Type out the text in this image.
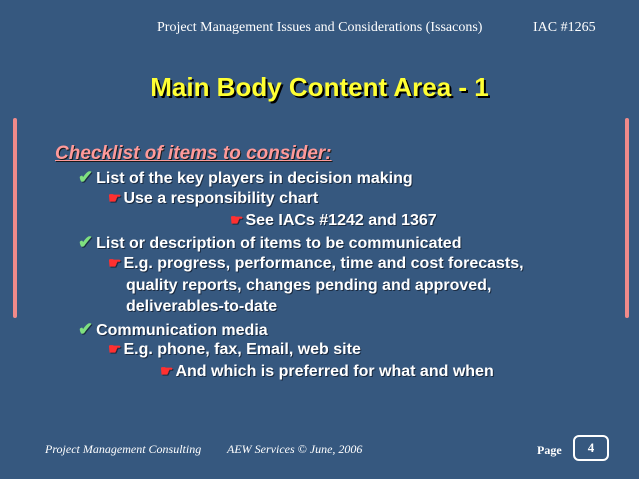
Project Management Issues and Considerations (Issacons)	IAC #1265
Main Body Content Area - 1
Checklist of items to consider:
✔ List of the key players in decision making
☛ Use a responsibility chart
☛ See IACs #1242 and 1367
✔ List or description of items to be communicated
☛ E.g. progress, performance, time and cost forecasts,
quality reports, changes pending and approved,
deliverables-to-date
✔ Communication media
☛ E.g. phone, fax, Email, web site
☛ And which is preferred for what and when
Project Management Consulting AEW Services © June, 2006	Page	4
